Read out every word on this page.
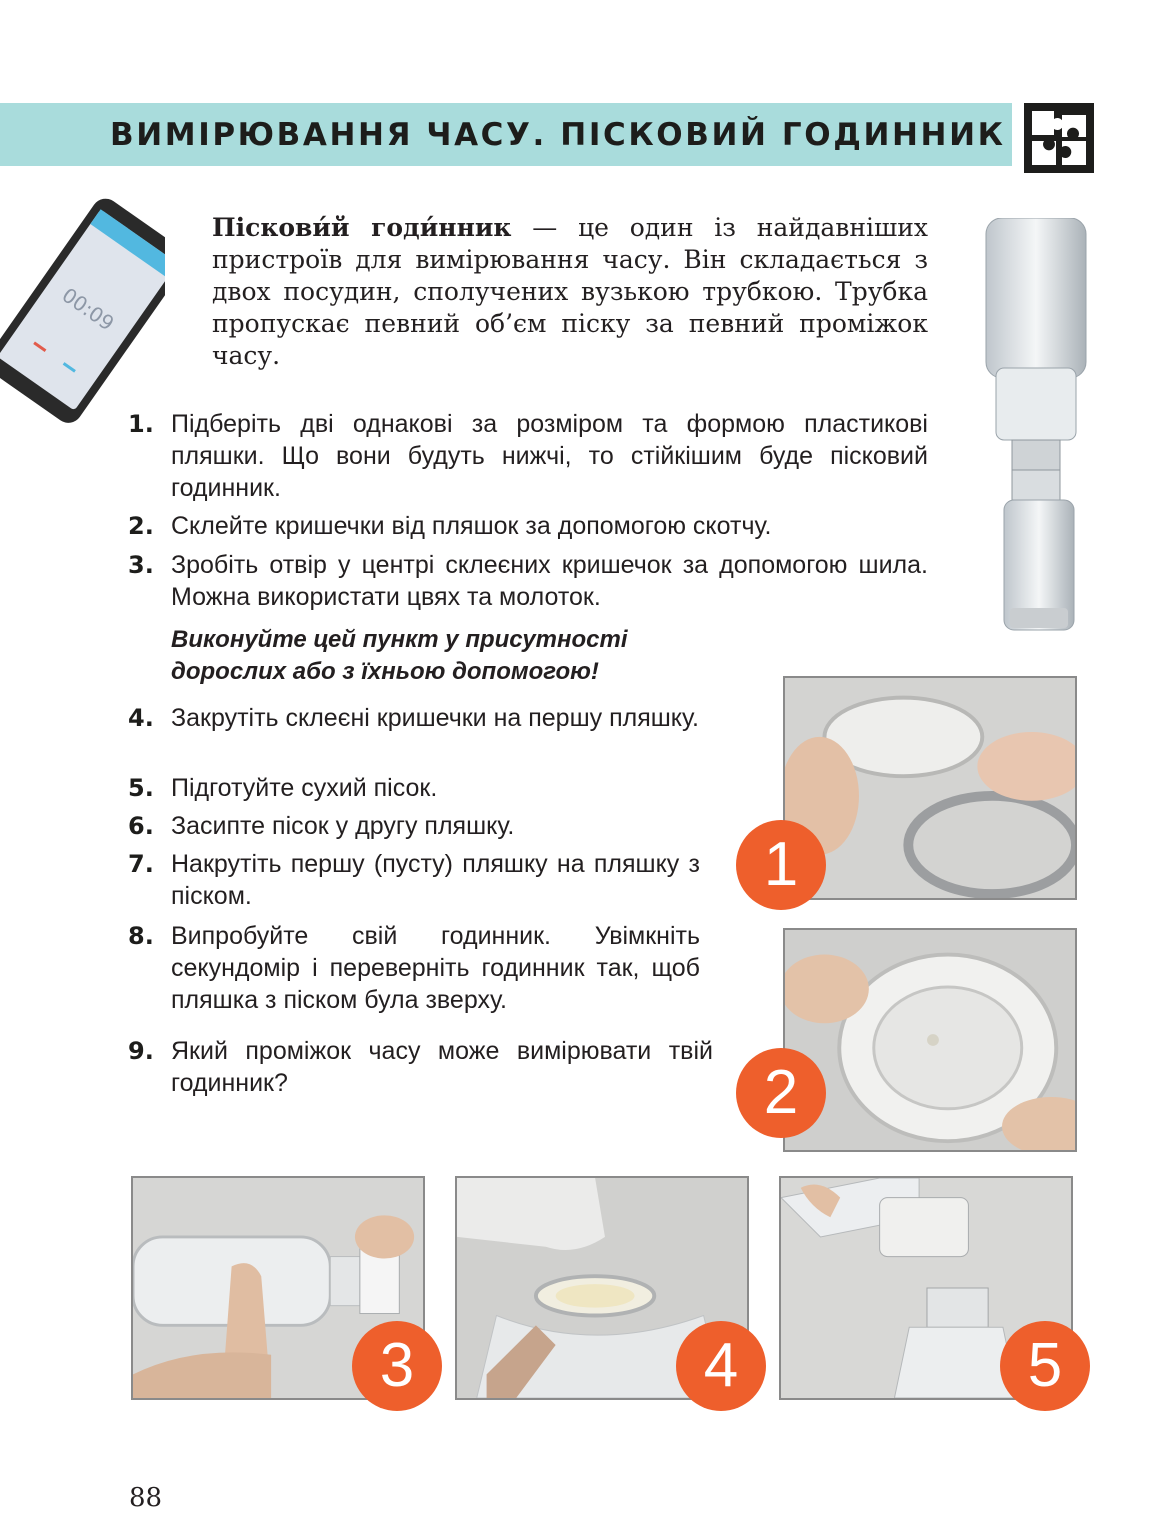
ВИМІРЮВАННЯ ЧАСУ. ПІСКОВИЙ ГОДИННИК
00:09

Піскови́й годи́нник — це один із найдавніших пристроїв для вимірювання часу. Він складається з двох посудин, сполучених вузькою трубкою. Трубка пропускає певний об’єм піску за певний проміжок часу.

1. Підберіть дві однакові за розміром та формою пластикові пляшки. Що вони будуть нижчі, то стійкішим буде пісковий годинник.
2. Склейте кришечки від пляшок за допомогою скотчу.
3. Зробіть отвір у центрі склеєних кришечок за допомогою шила. Можна використати цвях та молоток.
Виконуйте цей пункт у присутності дорослих або з їхньою допомогою!
4. Закрутіть склеєні кришечки на першу пляшку.
5. Підготуйте сухий пісок.
6. Засипте пісок у другу пляшку.
7. Накрутіть першу (пусту) пляшку на пляшку з піском.
8. Випробуйте свій годинник. Увімкніть секундомір і переверніть годинник так, щоб пляшка з піском була зверху.
9. Який проміжок часу може вимірювати твій годинник?
1
2
3	4	5
88
